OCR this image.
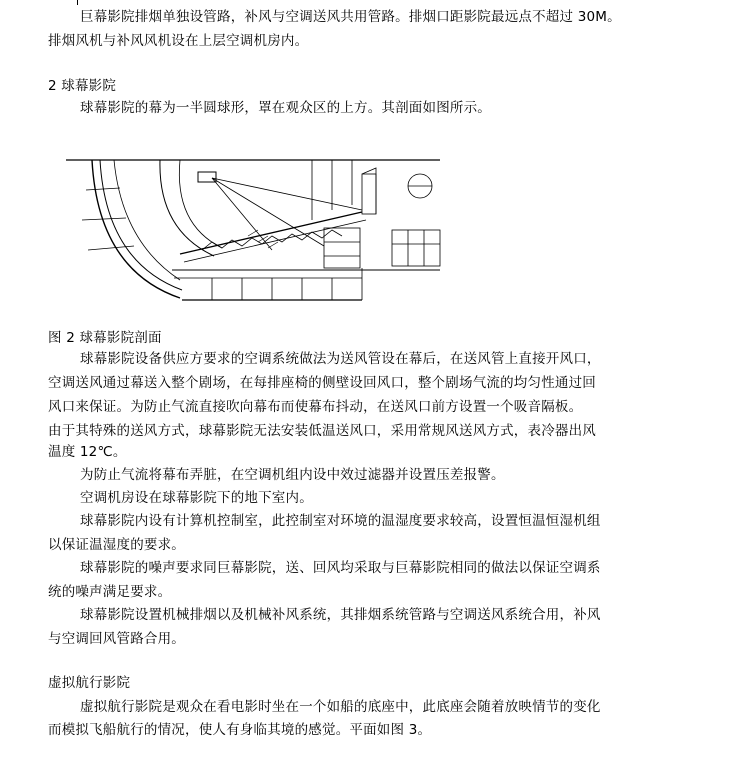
巨幕影院排烟单独设管路，补风与空调送风共用管路。排烟口距影院最远点不超过 30M。
排烟风机与补风风机设在上层空调机房内。
2 球幕影院
球幕影院的幕为一半圆球形，罩在观众区的上方。其剖面如图所示。
图 2 球幕影院剖面
球幕影院设备供应方要求的空调系统做法为送风管设在幕后，在送风管上直接开风口，
空调送风通过幕送入整个剧场，在每排座椅的侧壁设回风口，整个剧场气流的均匀性通过回
风口来保证。为防止气流直接吹向幕布而使幕布抖动，在送风口前方设置一个吸音隔板。
由于其特殊的送风方式，球幕影院无法安装低温送风口，采用常规风送风方式，表冷器出风
温度 12℃。
为防止气流将幕布弄脏，在空调机组内设中效过滤器并设置压差报警。
空调机房设在球幕影院下的地下室内。
球幕影院内设有计算机控制室，此控制室对环境的温湿度要求较高，设置恒温恒湿机组
以保证温湿度的要求。
球幕影院的噪声要求同巨幕影院，送、回风均采取与巨幕影院相同的做法以保证空调系
统的噪声满足要求。
球幕影院设置机械排烟以及机械补风系统，其排烟系统管路与空调送风系统合用，补风
与空调回风管路合用。
虚拟航行影院
虚拟航行影院是观众在看电影时坐在一个如船的底座中，此底座会随着放映情节的变化
而模拟飞船航行的情况，使人有身临其境的感觉。平面如图 3。
